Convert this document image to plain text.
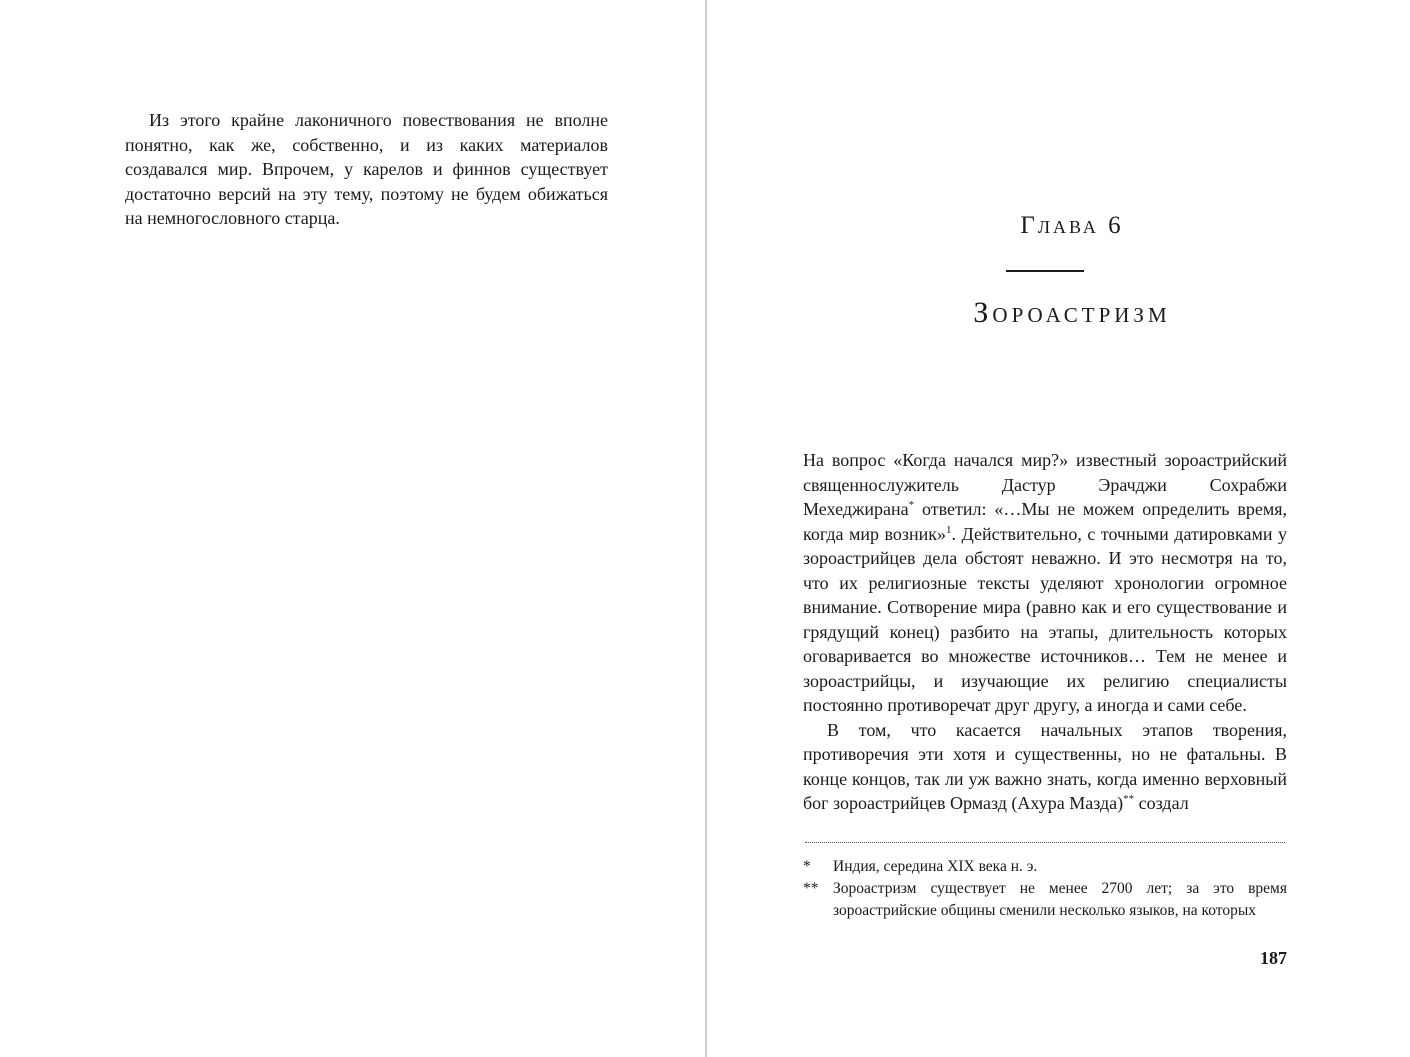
Из этого крайне лаконичного повествования не вполне понятно, как же, собственно, и из каких материалов создавался мир. Впрочем, у карелов и финнов существует достаточно версий на эту тему, поэтому не будем обижаться на немногословного старца.	Глава 6
Зороастризм

На вопрос «Когда начался мир?» известный зороастрийский священнослужитель Дастур Эрачджи Сохрабжи Мехеджирана* ответил: «…Мы не можем определить время, когда мир возник»$^1$. Действительно, с точными датировками у зороастрийцев дела обстоят неважно. И это несмотря на то, что их религиозные тексты уделяют хронологии огромное внимание. Сотворение мира (равно как и его существование и грядущий конец) разбито на этапы, длительность которых оговаривается во множестве источников… Тем не менее и зороастрийцы, и изучающие их религию специалисты постоянно противоречат друг другу, а иногда и сами себе.

В том, что касается начальных этапов творения, противоречия эти хотя и существенны, но не фатальны. В конце концов, так ли уж важно знать, когда именно верховный бог зороастрийцев Ормазд (Ахура Мазда)** создал

*	Индия, середина XIX века н. э.
** Зороастризм существует не менее 2700 лет; за это время зороастрийские общины сменили несколько языков, на которых
187
